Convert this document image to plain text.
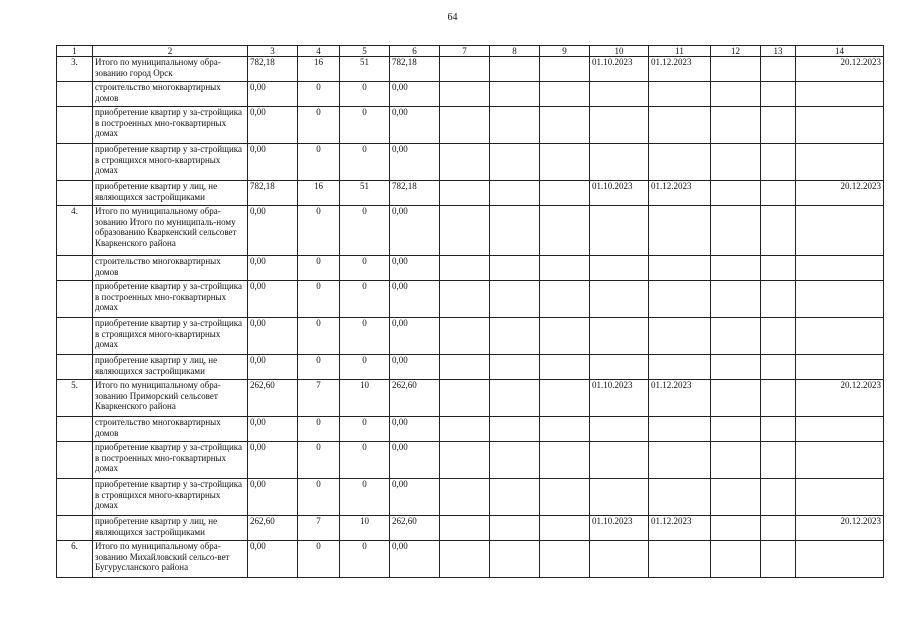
64
1	2	3	4	5	6	7	8	9	10	11	12	13	14
3.	Итого по муниципальному обра-зованию город Орск	782,18	16	51	782,18				01.10.2023	01.12.2023			20.12.2023
	строительство многоквартирных домов	0,00	0	0	0,00								
	приобретение квартир у за-стройщика в построенных мно-гоквартирных домах	0,00	0	0	0,00								
	приобретение квартир у за-стройщика в строящихся много-квартирных домах	0,00	0	0	0,00								
	приобретение квартир у лиц, не являющихся застройщиками	782,18	16	51	782,18				01.10.2023	01.12.2023			20.12.2023
4.	Итого по муниципальному обра-зованию Итого по муниципаль-ному образованию Кваркенский сельсовет Кваркенского района	0,00	0	0	0,00								
	строительство многоквартирных домов	0,00	0	0	0,00								
	приобретение квартир у за-стройщика в построенных мно-гоквартирных домах	0,00	0	0	0,00								
	приобретение квартир у за-стройщика в строящихся много-квартирных домах	0,00	0	0	0,00								
	приобретение квартир у лиц, не являющихся застройщиками	0,00	0	0	0,00								
5.	Итого по муниципальному обра-зованию Приморский сельсовет Кваркенского района	262,60	7	10	262,60				01.10.2023	01.12.2023			20.12.2023
	строительство многоквартирных домов	0,00	0	0	0,00								
	приобретение квартир у за-стройщика в построенных мно-гоквартирных домах	0,00	0	0	0,00								
	приобретение квартир у за-стройщика в строящихся много-квартирных домах	0,00	0	0	0,00								
	приобретение квартир у лиц, не являющихся застройщиками	262,60	7	10	262,60				01.10.2023	01.12.2023			20.12.2023
6.	Итого по муниципальному обра-зованию Михайловский сельсо-вет Бугурусланского района	0,00	0	0	0,00								
